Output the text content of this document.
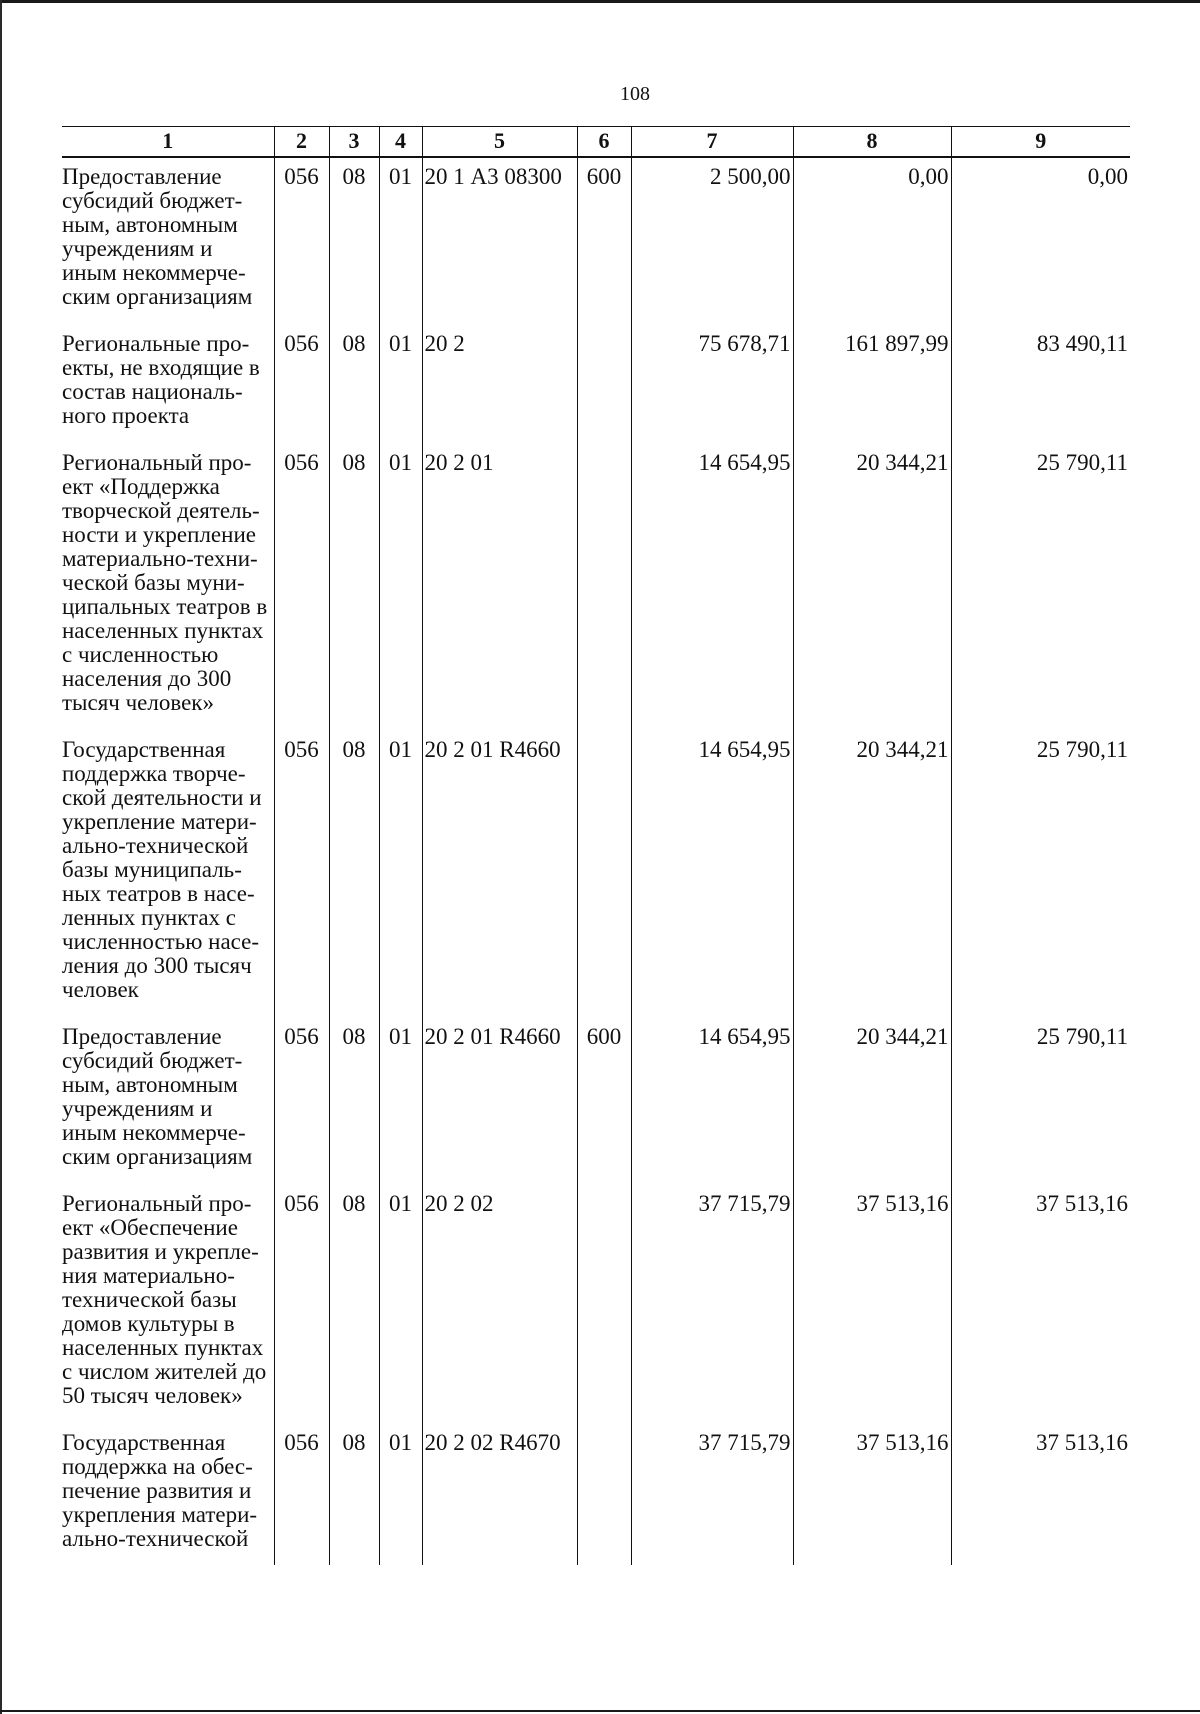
108
1	2	3	4	5	6	7	8	9
Предоставление субсидий бюджетным, автономным учреждениям и иным некоммерческим организациям	056	08	01	20 1 А3 08300	600	2 500,00	0,00	0,00
Региональные проекты, не входящие в состав национального проекта	056	08	01	20 2		75 678,71	161 897,99	83 490,11
Региональный проект «Поддержка творческой деятельности и укрепление материально-технической базы муниципальных театров в населенных пунктах с численностью населения до 300 тысяч человек»	056	08	01	20 2 01		14 654,95	20 344,21	25 790,11
Государственная поддержка творческой деятельности и укрепление материально-технической базы муниципальных театров в населенных пунктах с численностью населения до 300 тысяч человек	056	08	01	20 2 01 R4660		14 654,95	20 344,21	25 790,11
Предоставление субсидий бюджетным, автономным учреждениям и иным некоммерческим организациям	056	08	01	20 2 01 R4660	600	14 654,95	20 344,21	25 790,11
Региональный проект «Обеспечение развития и укрепления материально-технической базы домов культуры в населенных пунктах с числом жителей до 50 тысяч человек»	056	08	01	20 2 02		37 715,79	37 513,16	37 513,16
Государственная поддержка на обеспечение развития и укрепления материально-технической	056	08	01	20 2 02 R4670		37 715,79	37 513,16	37 513,16
